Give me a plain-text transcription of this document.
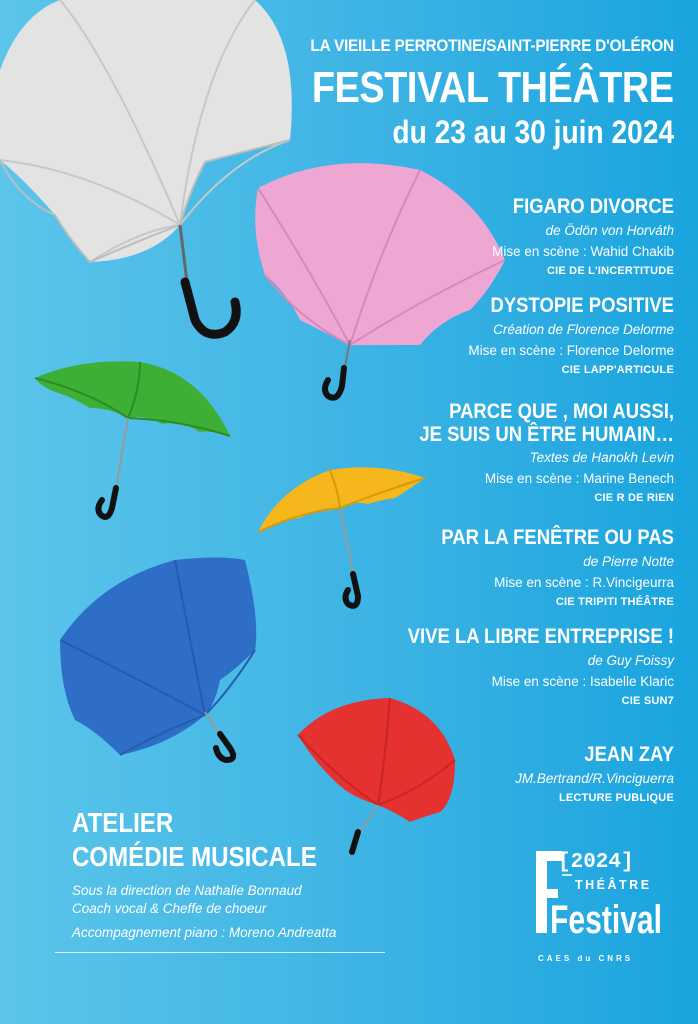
LA VIEILLE PERROTINE/SAINT-PIERRE D'OLÉRON
FESTIVAL THÉÂTRE
du 23 au 30 juin 2024
FIGARO DIVORCE
de Ödön von Horváth
Mise en scène : Wahid Chakib
CIE DE L'INCERTITUDE
DYSTOPIE POSITIVE
Création de Florence Delorme
Mise en scène : Florence Delorme
CIE LAPP'ARTICULE
PARCE QUE , MOI AUSSI,
JE SUIS UN ÊTRE HUMAIN…
Textes de Hanokh Levin
Mise en scène : Marine Benech
CIE R DE RIEN
PAR LA FENÊTRE OU PAS
de Pierre Notte
Mise en scène : R.Vincigeurra
CIE TRIPITI THÉÂTRE
VIVE LA LIBRE ENTREPRISE !
de Guy Foissy
Mise en scène : Isabelle Klaric
CIE SUN7
JEAN ZAY
JM.Bertrand/R.Vinciguerra
LECTURE PUBLIQUE
ATELIER
COMÉDIE MUSICALE
Sous la direction de Nathalie Bonnaud
Coach vocal & Cheffe de choeur
Accompagnement piano : Moreno Andreatta
[2024]
THÉÂTRE
Festival
CAES du CNRS
